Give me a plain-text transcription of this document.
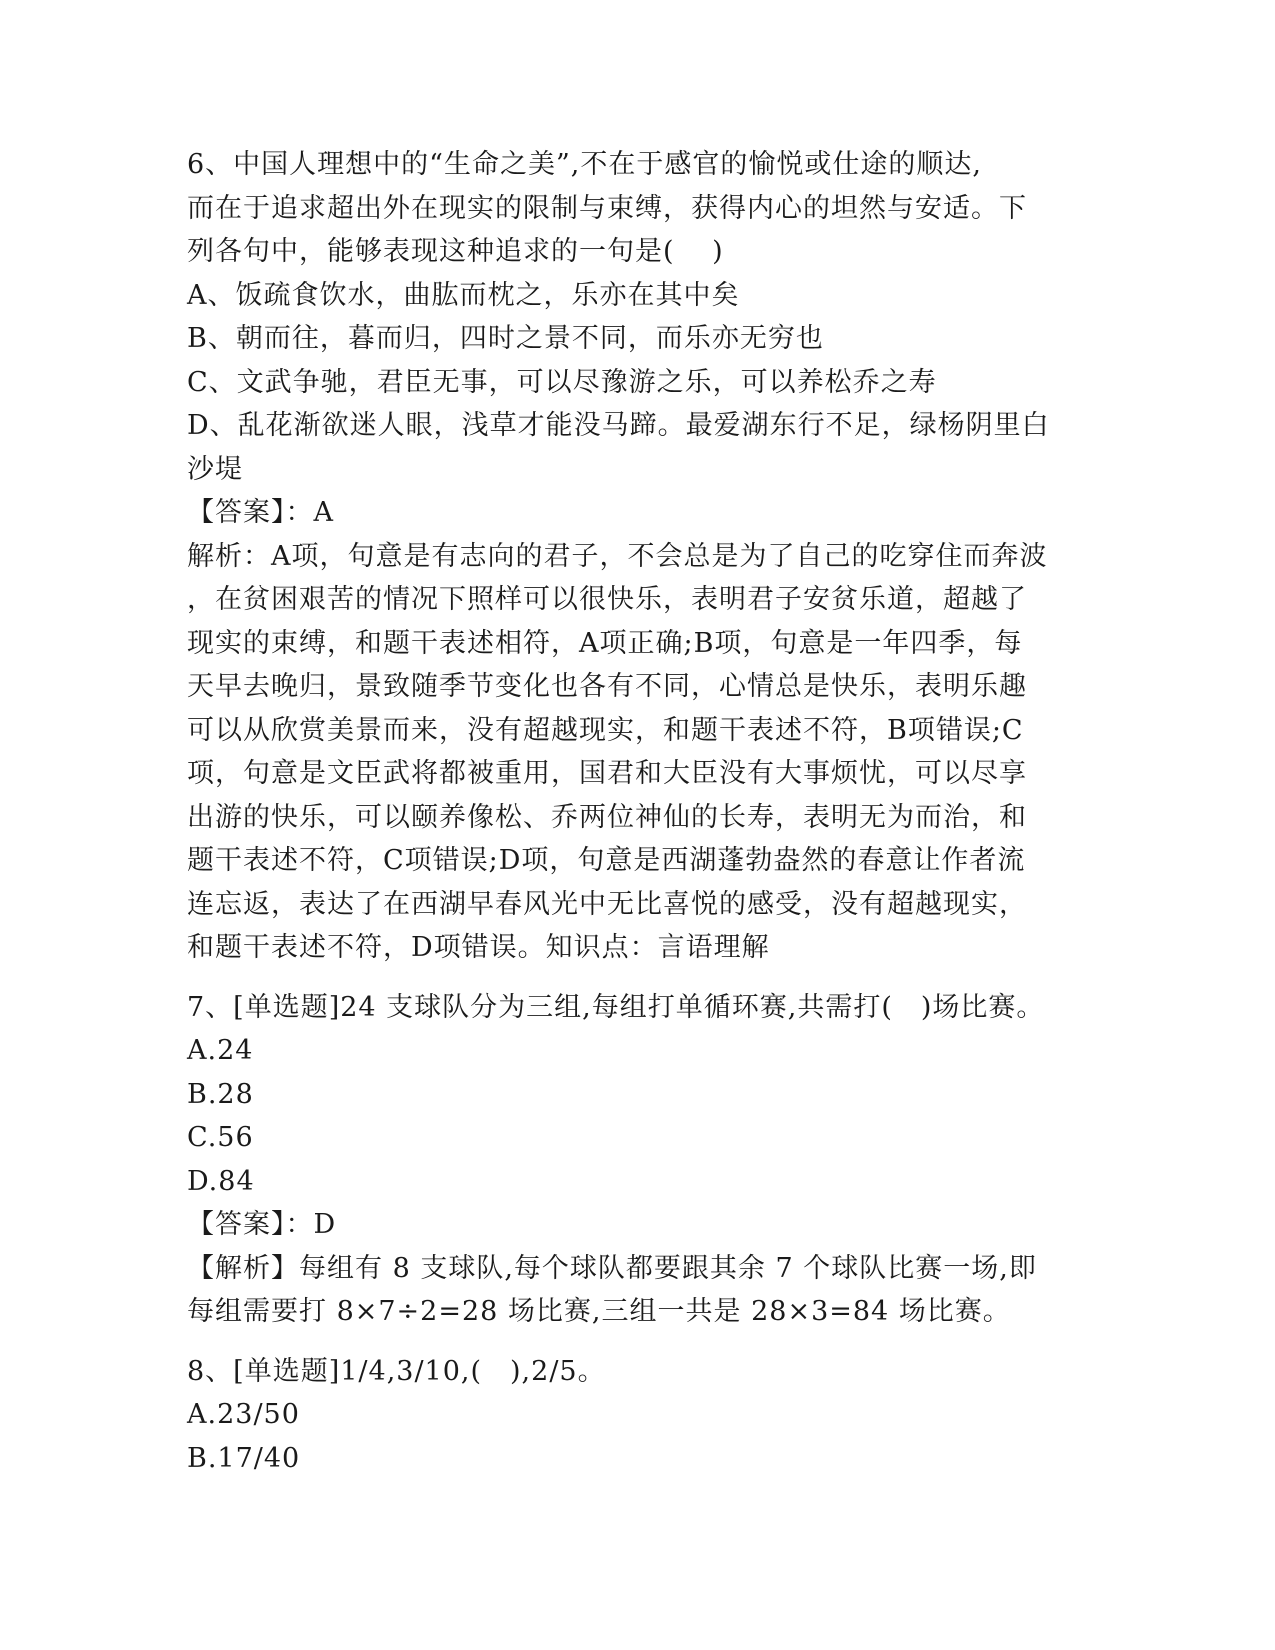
6、中国人理想中的“生命之美”,不在于感官的愉悦或仕途的顺达,
而在于追求超出外在现实的限制与束缚，获得内心的坦然与安适。下
列各句中，能够表现这种追求的一句是(　 )
A、饭疏食饮水，曲肱而枕之，乐亦在其中矣
B、朝而往，暮而归，四时之景不同，而乐亦无穷也
C、文武争驰，君臣无事，可以尽豫游之乐，可以养松乔之寿
D、乱花渐欲迷人眼，浅草才能没马蹄。最爱湖东行不足，绿杨阴里白
沙堤
【答案】：A
解析：A项，句意是有志向的君子，不会总是为了自己的吃穿住而奔波
，在贫困艰苦的情况下照样可以很快乐，表明君子安贫乐道，超越了
现实的束缚，和题干表述相符，A项正确;B项，句意是一年四季，每
天早去晚归，景致随季节变化也各有不同，心情总是快乐，表明乐趣
可以从欣赏美景而来，没有超越现实，和题干表述不符，B项错误;C
项，句意是文臣武将都被重用，国君和大臣没有大事烦忧，可以尽享
出游的快乐，可以颐养像松、乔两位神仙的长寿，表明无为而治，和
题干表述不符，C项错误;D项，句意是西湖蓬勃盎然的春意让作者流
连忘返，表达了在西湖早春风光中无比喜悦的感受，没有超越现实，
和题干表述不符，D项错误。知识点：言语理解
7、[单选题]24 支球队分为三组,每组打单循环赛,共需打(　)场比赛。
A.24
B.28
C.56
D.84
【答案】：D
【解析】每组有 8 支球队,每个球队都要跟其余 7 个球队比赛一场,即
每组需要打 8×7÷2=28 场比赛,三组一共是 28×3=84 场比赛。
8、[单选题]1/4,3/10,(　),2/5。
A.23/50
B.17/40
